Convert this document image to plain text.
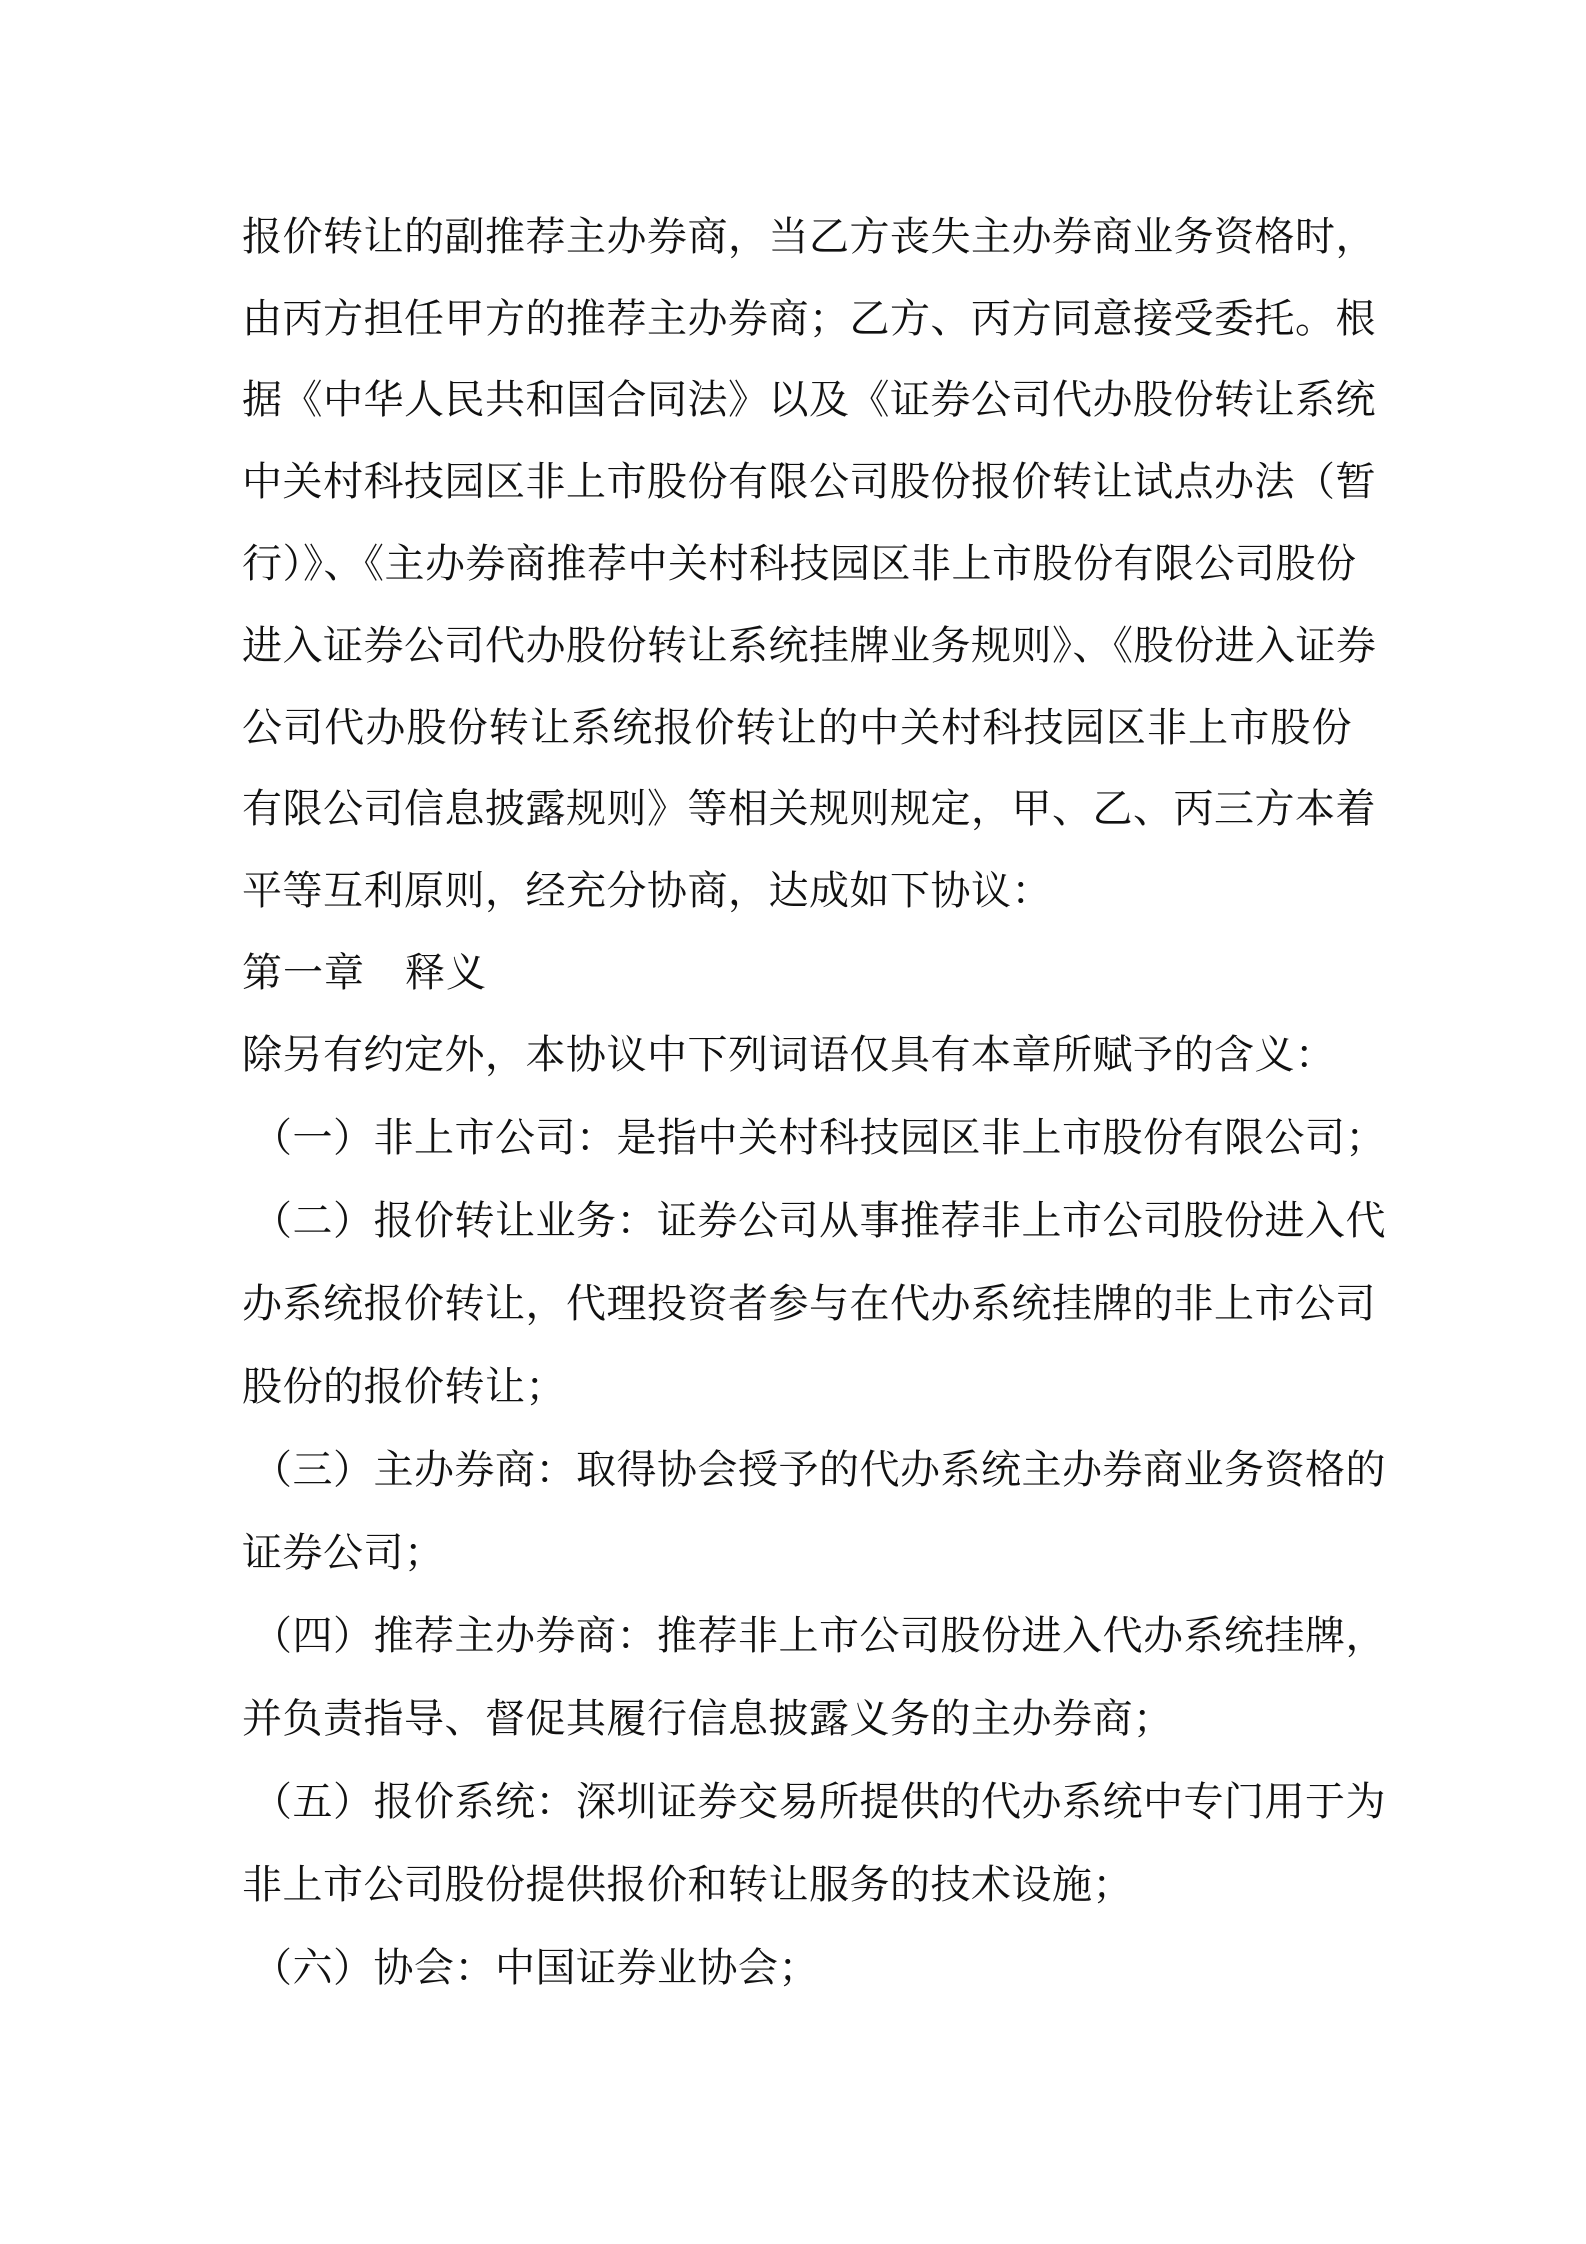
报价转让的副推荐主办券商，当乙方丧失主办券商业务资格时，
由丙方担任甲方的推荐主办券商；乙方、丙方同意接受委托。根
据《中华人民共和国合同法》以及《证券公司代办股份转让系统
中关村科技园区非上市股份有限公司股份报价转让试点办法（暂
行）》、《主办券商推荐中关村科技园区非上市股份有限公司股份
进入证券公司代办股份转让系统挂牌业务规则》、《股份进入证券
公司代办股份转让系统报价转让的中关村科技园区非上市股份
有限公司信息披露规则》等相关规则规定，甲、乙、丙三方本着
平等互利原则，经充分协商，达成如下协议：
第一章 释义
除另有约定外，本协议中下列词语仅具有本章所赋予的含义：
（一）非上市公司：是指中关村科技园区非上市股份有限公司；
（二）报价转让业务：证券公司从事推荐非上市公司股份进入代
办系统报价转让，代理投资者参与在代办系统挂牌的非上市公司
股份的报价转让；
（三）主办券商：取得协会授予的代办系统主办券商业务资格的
证券公司；
（四）推荐主办券商：推荐非上市公司股份进入代办系统挂牌，
并负责指导、督促其履行信息披露义务的主办券商；
（五）报价系统：深圳证券交易所提供的代办系统中专门用于为
非上市公司股份提供报价和转让服务的技术设施；
（六）协会：中国证券业协会；
